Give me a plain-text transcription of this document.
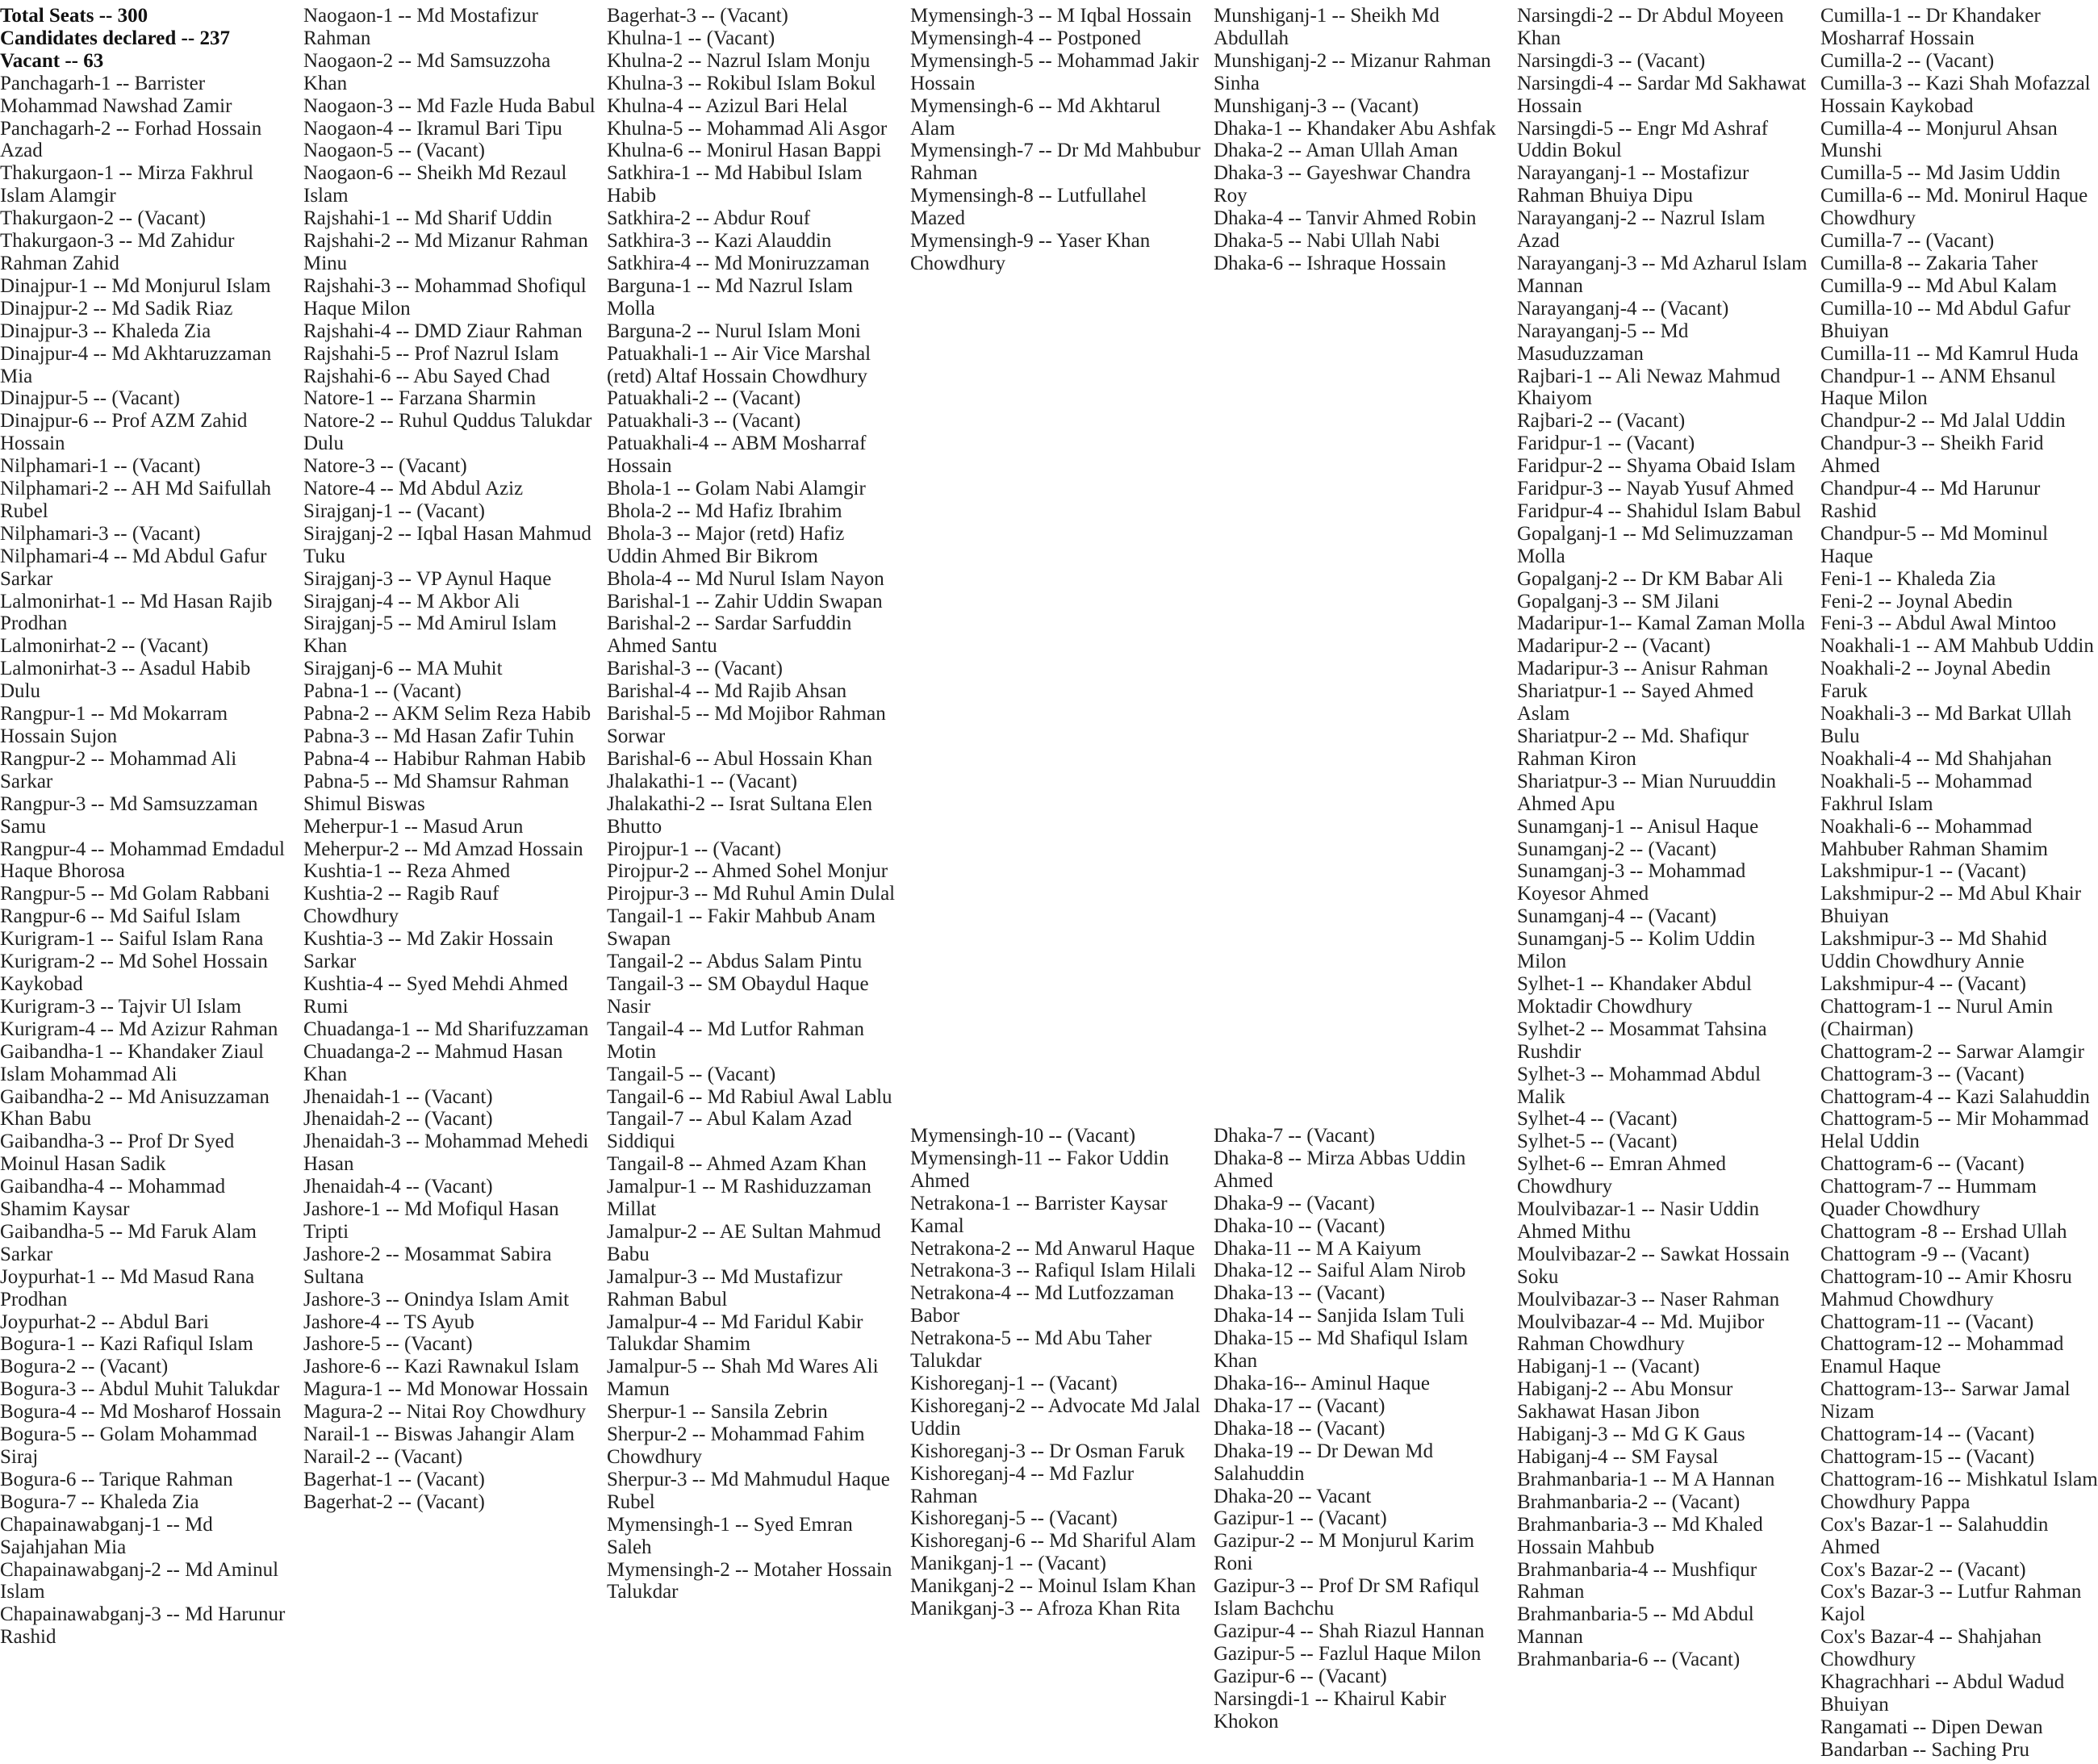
Total Seats -- 300
Candidates declared -- 237
Vacant -- 63
Panchagarh-1 -- Barrister Mohammad Nawshad Zamir
Panchagarh-2 -- Forhad Hossain Azad
Thakurgaon-1 -- Mirza Fakhrul Islam Alamgir
Thakurgaon-2 -- (Vacant)
Thakurgaon-3 -- Md Zahidur Rahman Zahid
Dinajpur-1 -- Md Monjurul Islam
Dinajpur-2 -- Md Sadik Riaz
Dinajpur-3 -- Khaleda Zia
Dinajpur-4 -- Md Akhtaruzzaman Mia
Dinajpur-5 -- (Vacant)
Dinajpur-6 -- Prof AZM Zahid Hossain
Nilphamari-1 -- (Vacant)
Nilphamari-2 -- AH Md Saifullah Rubel
Nilphamari-3 -- (Vacant)
Nilphamari-4 -- Md Abdul Gafur Sarkar
Lalmonirhat-1 -- Md Hasan Rajib Prodhan
Lalmonirhat-2 -- (Vacant)
Lalmonirhat-3 -- Asadul Habib Dulu
Rangpur-1 -- Md Mokarram Hossain Sujon
Rangpur-2 -- Mohammad Ali Sarkar
Rangpur-3 -- Md Samsuzzaman Samu
Rangpur-4 -- Mohammad Emdadul Haque Bhorosa
Rangpur-5 -- Md Golam Rabbani
Rangpur-6 -- Md Saiful Islam
Kurigram-1 -- Saiful Islam Rana
Kurigram-2 -- Md Sohel Hossain Kaykobad
Kurigram-3 -- Tajvir Ul Islam
Kurigram-4 -- Md Azizur Rahman
Gaibandha-1 -- Khandaker Ziaul Islam Mohammad Ali
Gaibandha-2 -- Md Anisuzzaman Khan Babu
Gaibandha-3 -- Prof Dr Syed Moinul Hasan Sadik
Gaibandha-4 -- Mohammad Shamim Kaysar
Gaibandha-5 -- Md Faruk Alam Sarkar
Joypurhat-1 -- Md Masud Rana Prodhan
Joypurhat-2 -- Abdul Bari
Bogura-1 -- Kazi Rafiqul Islam
Bogura-2 -- (Vacant)
Bogura-3 -- Abdul Muhit Talukdar
Bogura-4 -- Md Mosharof Hossain
Bogura-5 -- Golam Mohammad Siraj
Bogura-6 -- Tarique Rahman
Bogura-7 -- Khaleda Zia
Chapainawabganj-1 -- Md Sajahjahan Mia
Chapainawabganj-2 -- Md Aminul Islam
Chapainawabganj-3 -- Md Harunur Rashid
Naogaon-1 -- Md Mostafizur Rahman
Naogaon-2 -- Md Samsuzzoha Khan
Naogaon-3 -- Md Fazle Huda Babul
Naogaon-4 -- Ikramul Bari Tipu
Naogaon-5 -- (Vacant)
Naogaon-6 -- Sheikh Md Rezaul Islam
Rajshahi-1 -- Md Sharif Uddin
Rajshahi-2 -- Md Mizanur Rahman Minu
Rajshahi-3 -- Mohammad Shofiqul Haque Milon
Rajshahi-4 -- DMD Ziaur Rahman
Rajshahi-5 -- Prof Nazrul Islam
Rajshahi-6 -- Abu Sayed Chad
Natore-1 -- Farzana Sharmin
Natore-2 -- Ruhul Quddus Talukdar Dulu
Natore-3 -- (Vacant)
Natore-4 -- Md Abdul Aziz
Sirajganj-1 -- (Vacant)
Sirajganj-2 -- Iqbal Hasan Mahmud Tuku
Sirajganj-3 -- VP Aynul Haque
Sirajganj-4 -- M Akbor Ali
Sirajganj-5 -- Md Amirul Islam Khan
Sirajganj-6 -- MA Muhit
Pabna-1 -- (Vacant)
Pabna-2 -- AKM Selim Reza Habib
Pabna-3 -- Md Hasan Zafir Tuhin
Pabna-4 -- Habibur Rahman Habib
Pabna-5 -- Md Shamsur Rahman Shimul Biswas
Meherpur-1 -- Masud Arun
Meherpur-2 -- Md Amzad Hossain
Kushtia-1 -- Reza Ahmed
Kushtia-2 -- Ragib Rauf Chowdhury
Kushtia-3 -- Md Zakir Hossain Sarkar
Kushtia-4 -- Syed Mehdi Ahmed Rumi
Chuadanga-1 -- Md Sharifuzzaman
Chuadanga-2 -- Mahmud Hasan Khan
Jhenaidah-1 -- (Vacant)
Jhenaidah-2 -- (Vacant)
Jhenaidah-3 -- Mohammad Mehedi Hasan
Jhenaidah-4 -- (Vacant)
Jashore-1 -- Md Mofiqul Hasan Tripti
Jashore-2 -- Mosammat Sabira Sultana
Jashore-3 -- Onindya Islam Amit
Jashore-4 -- TS Ayub
Jashore-5 -- (Vacant)
Jashore-6 -- Kazi Rawnakul Islam
Magura-1 -- Md Monowar Hossain
Magura-2 -- Nitai Roy Chowdhury
Narail-1 -- Biswas Jahangir Alam
Narail-2 -- (Vacant)
Bagerhat-1 -- (Vacant)
Bagerhat-2 -- (Vacant)
Bagerhat-3 -- (Vacant)
Khulna-1 -- (Vacant)
Khulna-2 -- Nazrul Islam Monju
Khulna-3 -- Rokibul Islam Bokul
Khulna-4 -- Azizul Bari Helal
Khulna-5 -- Mohammad Ali Asgor
Khulna-6 -- Monirul Hasan Bappi
Satkhira-1 -- Md Habibul Islam Habib
Satkhira-2 -- Abdur Rouf
Satkhira-3 -- Kazi Alauddin
Satkhira-4 -- Md Moniruzzaman
Barguna-1 -- Md Nazrul Islam Molla
Barguna-2 -- Nurul Islam Moni
Patuakhali-1 -- Air Vice Marshal (retd) Altaf Hossain Chowdhury
Patuakhali-2 -- (Vacant)
Patuakhali-3 -- (Vacant)
Patuakhali-4 -- ABM Mosharraf Hossain
Bhola-1 -- Golam Nabi Alamgir
Bhola-2 -- Md Hafiz Ibrahim
Bhola-3 -- Major (retd) Hafiz Uddin Ahmed Bir Bikrom
Bhola-4 -- Md Nurul Islam Nayon
Barishal-1 -- Zahir Uddin Swapan
Barishal-2 -- Sardar Sarfuddin Ahmed Santu
Barishal-3 -- (Vacant)
Barishal-4 -- Md Rajib Ahsan
Barishal-5 -- Md Mojibor Rahman Sorwar
Barishal-6 -- Abul Hossain Khan
Jhalakathi-1 -- (Vacant)
Jhalakathi-2 -- Israt Sultana Elen Bhutto
Pirojpur-1 -- (Vacant)
Pirojpur-2 -- Ahmed Sohel Monjur
Pirojpur-3 -- Md Ruhul Amin Dulal
Tangail-1 -- Fakir Mahbub Anam Swapan
Tangail-2 -- Abdus Salam Pintu
Tangail-3 -- SM Obaydul Haque Nasir
Tangail-4 -- Md Lutfor Rahman Motin
Tangail-5 -- (Vacant)
Tangail-6 -- Md Rabiul Awal Lablu
Tangail-7 -- Abul Kalam Azad Siddiqui
Tangail-8 -- Ahmed Azam Khan
Jamalpur-1 -- M Rashiduzzaman Millat
Jamalpur-2 -- AE Sultan Mahmud Babu
Jamalpur-3 -- Md Mustafizur Rahman Babul
Jamalpur-4 -- Md Faridul Kabir Talukdar Shamim
Jamalpur-5 -- Shah Md Wares Ali Mamun
Sherpur-1 -- Sansila Zebrin
Sherpur-2 -- Mohammad Fahim Chowdhury
Sherpur-3 -- Md Mahmudul Haque Rubel
Mymensingh-1 -- Syed Emran Saleh
Mymensingh-2 -- Motaher Hossain Talukdar
Mymensingh-3 -- M Iqbal Hossain
Mymensingh-4 -- Postponed
Mymensingh-5 -- Mohammad Jakir Hossain
Mymensingh-6 -- Md Akhtarul Alam
Mymensingh-7 -- Dr Md Mahbubur Rahman
Mymensingh-8 -- Lutfullahel Mazed
Mymensingh-9 -- Yaser Khan Chowdhury
Munshiganj-1 -- Sheikh Md Abdullah
Munshiganj-2 -- Mizanur Rahman Sinha
Munshiganj-3 -- (Vacant)
Dhaka-1 -- Khandaker Abu Ashfak
Dhaka-2 -- Aman Ullah Aman
Dhaka-3 -- Gayeshwar Chandra Roy
Dhaka-4 -- Tanvir Ahmed Robin
Dhaka-5 -- Nabi Ullah Nabi
Dhaka-6 -- Ishraque Hossain
Narsingdi-2 -- Dr Abdul Moyeen Khan
Narsingdi-3 -- (Vacant)
Narsingdi-4 -- Sardar Md Sakhawat Hossain
Narsingdi-5 -- Engr Md Ashraf Uddin Bokul
Narayanganj-1 -- Mostafizur Rahman Bhuiya Dipu
Narayanganj-2 -- Nazrul Islam Azad
Narayanganj-3 -- Md Azharul Islam Mannan
Narayanganj-4 -- (Vacant)
Narayanganj-5 -- Md Masuduzzaman
Rajbari-1 -- Ali Newaz Mahmud Khaiyom
Rajbari-2 -- (Vacant)
Faridpur-1 -- (Vacant)
Faridpur-2 -- Shyama Obaid Islam
Faridpur-3 -- Nayab Yusuf Ahmed
Faridpur-4 -- Shahidul Islam Babul
Gopalganj-1 -- Md Selimuzzaman Molla
Gopalganj-2 -- Dr KM Babar Ali
Gopalganj-3 -- SM Jilani
Madaripur-1-- Kamal Zaman Molla
Madaripur-2 -- (Vacant)
Madaripur-3 -- Anisur Rahman
Shariatpur-1 -- Sayed Ahmed Aslam
Shariatpur-2 -- Md. Shafiqur Rahman Kiron
Shariatpur-3 -- Mian Nuruuddin Ahmed Apu
Sunamganj-1 -- Anisul Haque
Sunamganj-2 -- (Vacant)
Sunamganj-3 -- Mohammad Koyesor Ahmed
Sunamganj-4 -- (Vacant)
Sunamganj-5 -- Kolim Uddin Milon
Sylhet-1 -- Khandaker Abdul Moktadir Chowdhury
Sylhet-2 -- Mosammat Tahsina Rushdir
Sylhet-3 -- Mohammad Abdul Malik
Sylhet-4 -- (Vacant)
Sylhet-5 -- (Vacant)
Sylhet-6 -- Emran Ahmed Chowdhury
Moulvibazar-1 -- Nasir Uddin Ahmed Mithu
Moulvibazar-2 -- Sawkat Hossain Soku
Moulvibazar-3 -- Naser Rahman
Moulvibazar-4 -- Md. Mujibor Rahman Chowdhury
Habiganj-1 -- (Vacant)
Habiganj-2 -- Abu Monsur Sakhawat Hasan Jibon
Habiganj-3 -- Md G K Gaus
Habiganj-4 -- SM Faysal
Brahmanbaria-1 -- M A Hannan
Brahmanbaria-2 -- (Vacant)
Brahmanbaria-3 -- Md Khaled Hossain Mahbub
Brahmanbaria-4 -- Mushfiqur Rahman
Brahmanbaria-5 -- Md Abdul Mannan
Brahmanbaria-6 -- (Vacant)
Cumilla-1 -- Dr Khandaker Mosharraf Hossain
Cumilla-2 -- (Vacant)
Cumilla-3 -- Kazi Shah Mofazzal Hossain Kaykobad
Cumilla-4 -- Monjurul Ahsan Munshi
Cumilla-5 -- Md Jasim Uddin
Cumilla-6 -- Md. Monirul Haque Chowdhury
Cumilla-7 -- (Vacant)
Cumilla-8 -- Zakaria Taher
Cumilla-9 -- Md Abul Kalam
Cumilla-10 -- Md Abdul Gafur Bhuiyan
Cumilla-11 -- Md Kamrul Huda
Chandpur-1 -- ANM Ehsanul Haque Milon
Chandpur-2 -- Md Jalal Uddin
Chandpur-3 -- Sheikh Farid Ahmed
Chandpur-4 -- Md Harunur Rashid
Chandpur-5 -- Md Mominul Haque
Feni-1 -- Khaleda Zia
Feni-2 -- Joynal Abedin
Feni-3 -- Abdul Awal Mintoo
Noakhali-1 -- AM Mahbub Uddin
Noakhali-2 -- Joynal Abedin Faruk
Noakhali-3 -- Md Barkat Ullah Bulu
Noakhali-4 -- Md Shahjahan
Noakhali-5 -- Mohammad Fakhrul Islam
Noakhali-6 -- Mohammad Mahbuber Rahman Shamim
Lakshmipur-1 -- (Vacant)
Lakshmipur-2 -- Md Abul Khair Bhuiyan
Lakshmipur-3 -- Md Shahid Uddin Chowdhury Annie
Lakshmipur-4 -- (Vacant)
Chattogram-1 -- Nurul Amin (Chairman)
Chattogram-2 -- Sarwar Alamgir
Chattogram-3 -- (Vacant)
Chattogram-4 -- Kazi Salahuddin
Chattogram-5 -- Mir Mohammad Helal Uddin
Chattogram-6 -- (Vacant)
Chattogram-7 -- Hummam Quader Chowdhury
Chattogram -8 -- Ershad Ullah
Chattogram -9 -- (Vacant)
Chattogram-10 -- Amir Khosru Mahmud Chowdhury
Chattogram-11 -- (Vacant)
Chattogram-12 -- Mohammad Enamul Haque
Chattogram-13-- Sarwar Jamal Nizam
Chattogram-14 -- (Vacant)
Chattogram-15 -- (Vacant)
Chattogram-16 -- Mishkatul Islam Chowdhury Pappa
Cox's Bazar-1 -- Salahuddin Ahmed
Cox's Bazar-2 -- (Vacant)
Cox's Bazar-3 -- Lutfur Rahman Kajol
Cox's Bazar-4 -- Shahjahan Chowdhury
Khagrachhari -- Abdul Wadud Bhuiyan
Rangamati -- Dipen Dewan
Bandarban -- Saching Pru
Mymensingh-10 -- (Vacant)
Mymensingh-11 -- Fakor Uddin Ahmed
Netrakona-1 -- Barrister Kaysar Kamal
Netrakona-2 -- Md Anwarul Haque
Netrakona-3 -- Rafiqul Islam Hilali
Netrakona-4 -- Md Lutfozzaman Babor
Netrakona-5 -- Md Abu Taher Talukdar
Kishoreganj-1 -- (Vacant)
Kishoreganj-2 -- Advocate Md Jalal Uddin
Kishoreganj-3 -- Dr Osman Faruk
Kishoreganj-4 -- Md Fazlur Rahman
Kishoreganj-5 -- (Vacant)
Kishoreganj-6 -- Md Shariful Alam
Manikganj-1 -- (Vacant)
Manikganj-2 -- Moinul Islam Khan
Manikganj-3 -- Afroza Khan Rita
Dhaka-7 -- (Vacant)
Dhaka-8 -- Mirza Abbas Uddin Ahmed
Dhaka-9 -- (Vacant)
Dhaka-10 -- (Vacant)
Dhaka-11 -- M A Kaiyum
Dhaka-12 -- Saiful Alam Nirob
Dhaka-13 -- (Vacant)
Dhaka-14 -- Sanjida Islam Tuli
Dhaka-15 -- Md Shafiqul Islam Khan
Dhaka-16-- Aminul Haque
Dhaka-17 -- (Vacant)
Dhaka-18 -- (Vacant)
Dhaka-19 -- Dr Dewan Md Salahuddin
Dhaka-20 -- Vacant
Gazipur-1 -- (Vacant)
Gazipur-2 -- M Monjurul Karim Roni
Gazipur-3 -- Prof Dr SM Rafiqul Islam Bachchu
Gazipur-4 -- Shah Riazul Hannan
Gazipur-5 -- Fazlul Haque Milon
Gazipur-6 -- (Vacant)
Narsingdi-1 -- Khairul Kabir Khokon
